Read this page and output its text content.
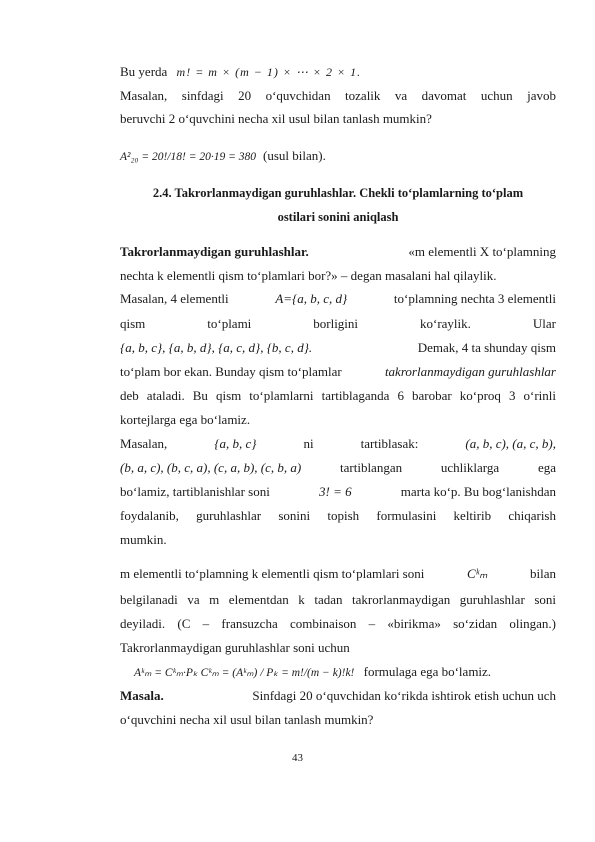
Bu yerda m! = m × (m − 1) × ⋯ × 2 × 1.
Masalan, sinfdagi 20 o‘quvchidan tozalik va davomat uchun javob
beruvchi 2 o‘quvchini necha xil usul bilan tanlash mumkin?
A²₂₀ = 20!/18! = 20·19 = 380 (usul bilan).
2.4. Takrorlanmaydigan guruhlashlar. Chekli to‘plamlarning to‘plam
ostilari sonini aniqlash
Takrorlanmaydigan guruhlashlar.	«m elementli X to‘plamning
nechta k elementli qism to‘plamlari bor?» – degan masalani hal qilaylik.
Masalan, 4 elementli	A={a, b, c, d}	to‘plamning nechta 3 elementli
qism	to‘plami	borligini	ko‘raylik.	Ular
{a, b, c}, {a, b, d}, {a, c, d}, {b, c, d}.	Demak, 4 ta shunday qism
to‘plam bor ekan. Bunday qism to‘plamlar	takrorlanmaydigan guruhlashlar
deb ataladi. Bu qism to‘plamlarni tartiblaganda 6 barobar ko‘proq 3 o‘rinli
kortejlarga ega bo‘lamiz.
Masalan,	{a, b, c}	ni	tartiblasak:	(a, b, c), (a, c, b),
(b, a, c), (b, c, a), (c, a, b), (c, b, a)	tartiblangan	uchliklarga	ega
bo‘lamiz, tartiblanishlar soni	3! = 6	marta ko‘p. Bu bog‘lanishdan
foydalanib, guruhlashlar sonini topish formulasini keltirib chiqarish
mumkin.
m elementli to‘plamning k elementli qism to‘plamlari soni	Cᵏₘ	bilan
belgilanadi va m elementdan k tadan takrorlanmaydigan guruhlashlar soni
deyiladi. (C – fransuzcha combinaison – «birikma» so‘zidan olingan.)
Takrorlanmaydigan guruhlashlar soni uchun
Aᵏₘ = Cᵏₘ·Pₖ Cᵏₘ = (Aᵏₘ) / Pₖ = m!/(m − k)!k! formulaga ega bo‘lamiz.
Masala.	Sinfdagi 20 o‘quvchidan ko‘rikda ishtirok etish uchun uch
o‘quvchini necha xil usul bilan tanlash mumkin?
43
